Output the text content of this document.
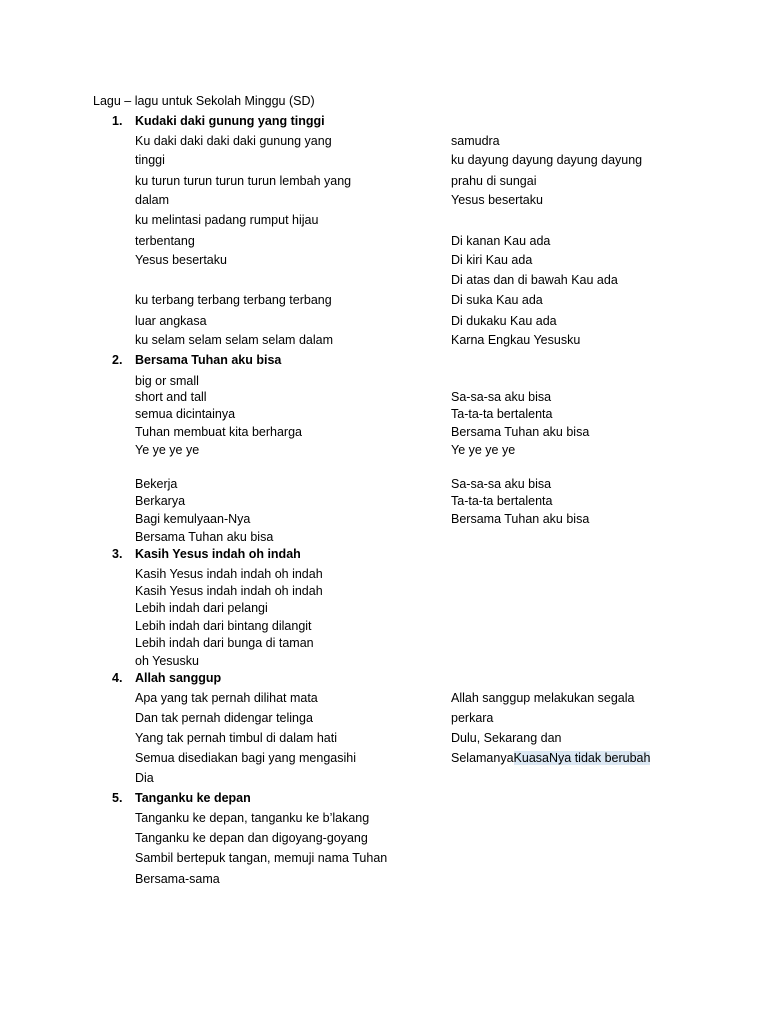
Lagu – lagu untuk Sekolah Minggu (SD)
1. Kudaki daki gunung yang tinggi
Ku daki daki daki daki gunung yang
tinggi
ku turun turun turun turun lembah yang
dalam
ku melintasi padang rumput hijau
terbentang
Yesus besertaku
ku terbang terbang terbang terbang
luar angkasa
ku selam selam selam selam dalam
samudra
ku dayung dayung dayung dayung
prahu di sungai
Yesus besertaku
Di kanan Kau ada
Di kiri Kau ada
Di atas dan di bawah Kau ada
Di suka Kau ada
Di dukaku Kau ada
Karna Engkau Yesusku
2. Bersama Tuhan aku bisa
big or small
short and tall
semua dicintainya
Tuhan membuat kita berharga
Ye ye ye ye
Bekerja
Berkarya
Bagi kemulyaan-Nya
Bersama Tuhan aku bisa
Sa-sa-sa aku bisa
Ta-ta-ta bertalenta
Bersama Tuhan aku bisa
Ye ye ye ye
Sa-sa-sa aku bisa
Ta-ta-ta bertalenta
Bersama Tuhan aku bisa
3. Kasih Yesus indah oh indah
Kasih Yesus indah indah oh indah
Kasih Yesus indah indah oh indah
Lebih indah dari pelangi
Lebih indah dari bintang dilangit
Lebih indah dari bunga di taman
oh Yesusku
4. Allah sanggup
Apa yang tak pernah dilihat mata
Dan tak pernah didengar telinga
Yang tak pernah timbul di dalam hati
Semua disediakan bagi yang mengasihi
Dia
Allah sanggup melakukan segala
perkara
Dulu, Sekarang dan
SelamanyaKuasaNya tidak berubah
5. Tanganku ke depan
Tanganku ke depan, tanganku ke b’lakang
Tanganku ke depan dan digoyang-goyang
Sambil bertepuk tangan, memuji nama Tuhan
Bersama-sama
